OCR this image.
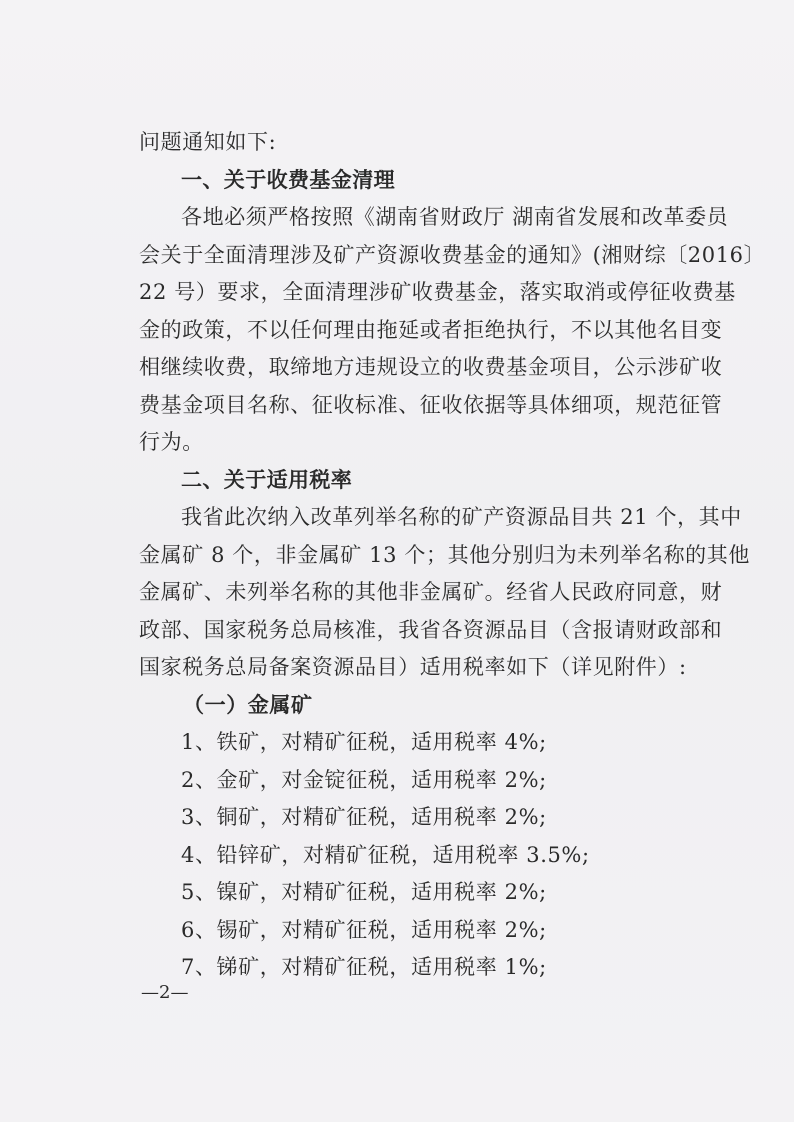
问题通知如下:
一、关于收费基金清理
各地必须严格按照《湖南省财政厅 湖南省发展和改革委员
会关于全面清理涉及矿产资源收费基金的通知》(湘财综〔2016〕
22 号）要求，全面清理涉矿收费基金，落实取消或停征收费基
金的政策，不以任何理由拖延或者拒绝执行，不以其他名目变
相继续收费，取缔地方违规设立的收费基金项目，公示涉矿收
费基金项目名称、征收标准、征收依据等具体细项，规范征管
行为。
二、关于适用税率
我省此次纳入改革列举名称的矿产资源品目共 21 个，其中
金属矿 8 个，非金属矿 13 个；其他分别归为未列举名称的其他
金属矿、未列举名称的其他非金属矿。经省人民政府同意，财
政部、国家税务总局核准，我省各资源品目（含报请财政部和
国家税务总局备案资源品目）适用税率如下（详见附件）:
（一）金属矿
1、铁矿，对精矿征税，适用税率 4%;
2、金矿，对金锭征税，适用税率 2%;
3、铜矿，对精矿征税，适用税率 2%;
4、铅锌矿，对精矿征税，适用税率 3.5%;
5、镍矿，对精矿征税，适用税率 2%;
6、锡矿，对精矿征税，适用税率 2%;
7、锑矿，对精矿征税，适用税率 1%;
—2—
